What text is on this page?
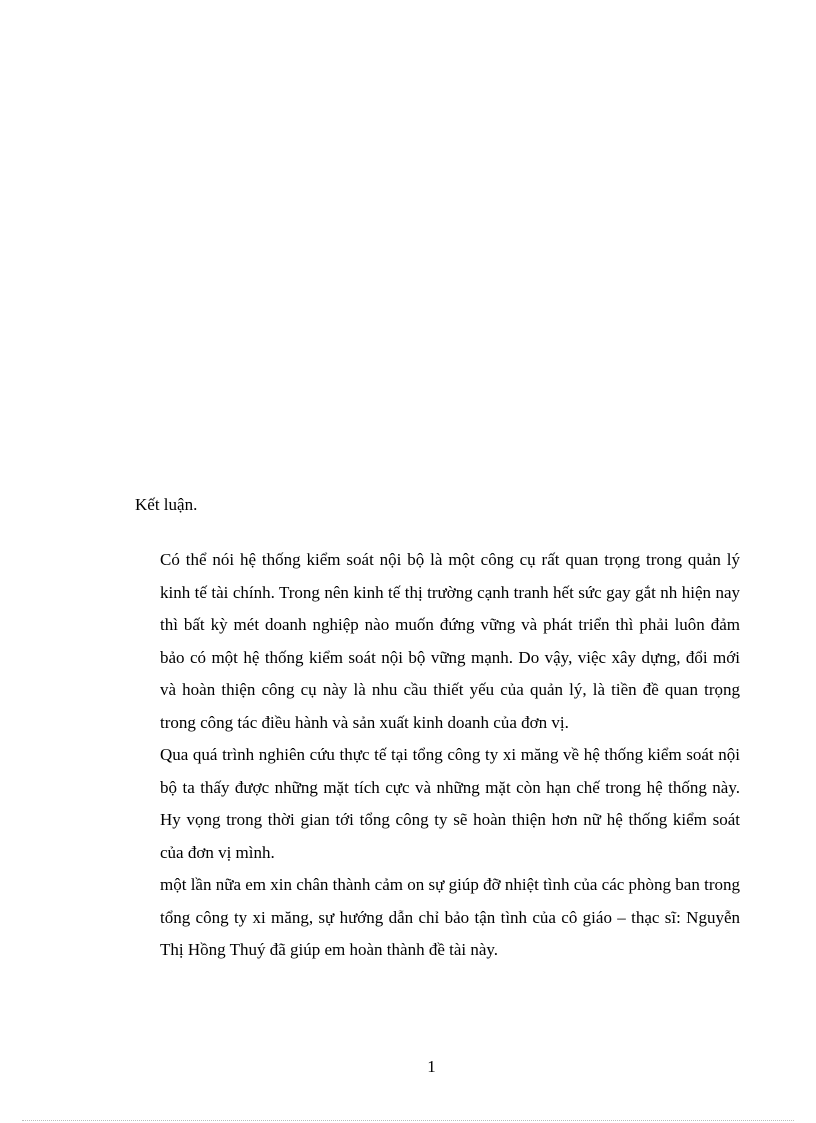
Kết luận.

Có thể nói hệ thống kiểm soát nội bộ là một công cụ rất quan trọng trong quản lý kinh tế tài chính. Trong nên kinh tế thị trường cạnh tranh hết sức gay gắt nh hiện nay thì bất kỳ mét doanh nghiệp nào muốn đứng vững và phát triển thì phải luôn đảm bảo có một hệ thống kiểm soát nội bộ vững mạnh. Do vậy, việc xây dựng, đổi mới và hoàn thiện công cụ này là nhu cầu thiết yếu của quản lý, là tiền đề quan trọng trong công tác điều hành và sản xuất kinh doanh của đơn vị.

Qua quá trình nghiên cứu thực tế tại tổng công ty xi măng về hệ thống kiểm soát nội bộ ta thấy được những mặt tích cực và những mặt còn hạn chế trong hệ thống này. Hy vọng trong thời gian tới tổng công ty sẽ hoàn thiện hơn nữ hệ thống kiểm soát của đơn vị mình.

một lần nữa em xin chân thành cảm on sự giúp đỡ nhiệt tình của các phòng ban trong tổng công ty xi măng, sự hướng dẫn chỉ bảo tận tình của cô giáo – thạc sĩ: Nguyễn Thị Hồng Thuý đã giúp em hoàn thành đề tài này.

1
